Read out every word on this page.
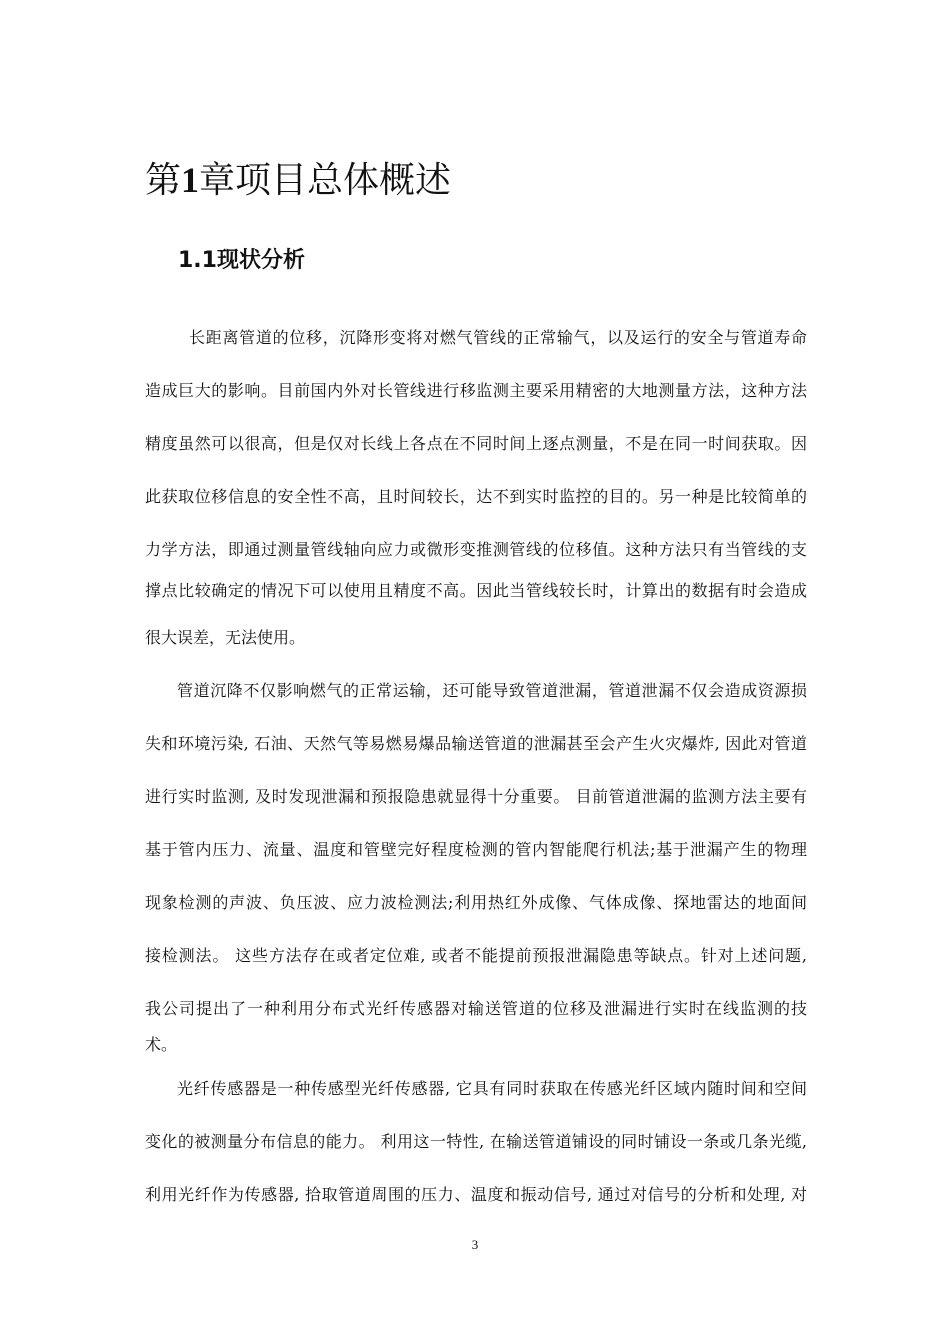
第1章项目总体概述
1.1现状分析
长距离管道的位移，沉降形变将对燃气管线的正常输气，以及运行的安全与管道寿命
造成巨大的影响。目前国内外对长管线进行移监测主要采用精密的大地测量方法，这种方法
精度虽然可以很高，但是仅对长线上各点在不同时间上逐点测量，不是在同一时间获取。因
此获取位移信息的安全性不高，且时间较长，达不到实时监控的目的。另一种是比较简单的
力学方法，即通过测量管线轴向应力或微形变推测管线的位移值。这种方法只有当管线的支
撑点比较确定的情况下可以使用且精度不高。因此当管线较长时，计算出的数据有时会造成
很大误差，无法使用。
管道沉降不仅影响燃气的正常运输，还可能导致管道泄漏，管道泄漏不仅会造成资源损
失和环境污染, 石油、天然气等易燃易爆品输送管道的泄漏甚至会产生火灾爆炸, 因此对管道
进行实时监测, 及时发现泄漏和预报隐患就显得十分重要。 目前管道泄漏的监测方法主要有
基于管内压力、流量、温度和管壁完好程度检测的管内智能爬行机法;基于泄漏产生的物理
现象检测的声波、负压波、应力波检测法;利用热红外成像、气体成像、探地雷达的地面间
接检测法。 这些方法存在或者定位难, 或者不能提前预报泄漏隐患等缺点。针对上述问题,
我公司提出了一种利用分布式光纤传感器对输送管道的位移及泄漏进行实时在线监测的技
术。
光纤传感器是一种传感型光纤传感器, 它具有同时获取在传感光纤区域内随时间和空间
变化的被测量分布信息的能力。 利用这一特性, 在输送管道铺设的同时铺设一条或几条光缆,
利用光纤作为传感器, 拾取管道周围的压力、温度和振动信号, 通过对信号的分析和处理, 对
3
